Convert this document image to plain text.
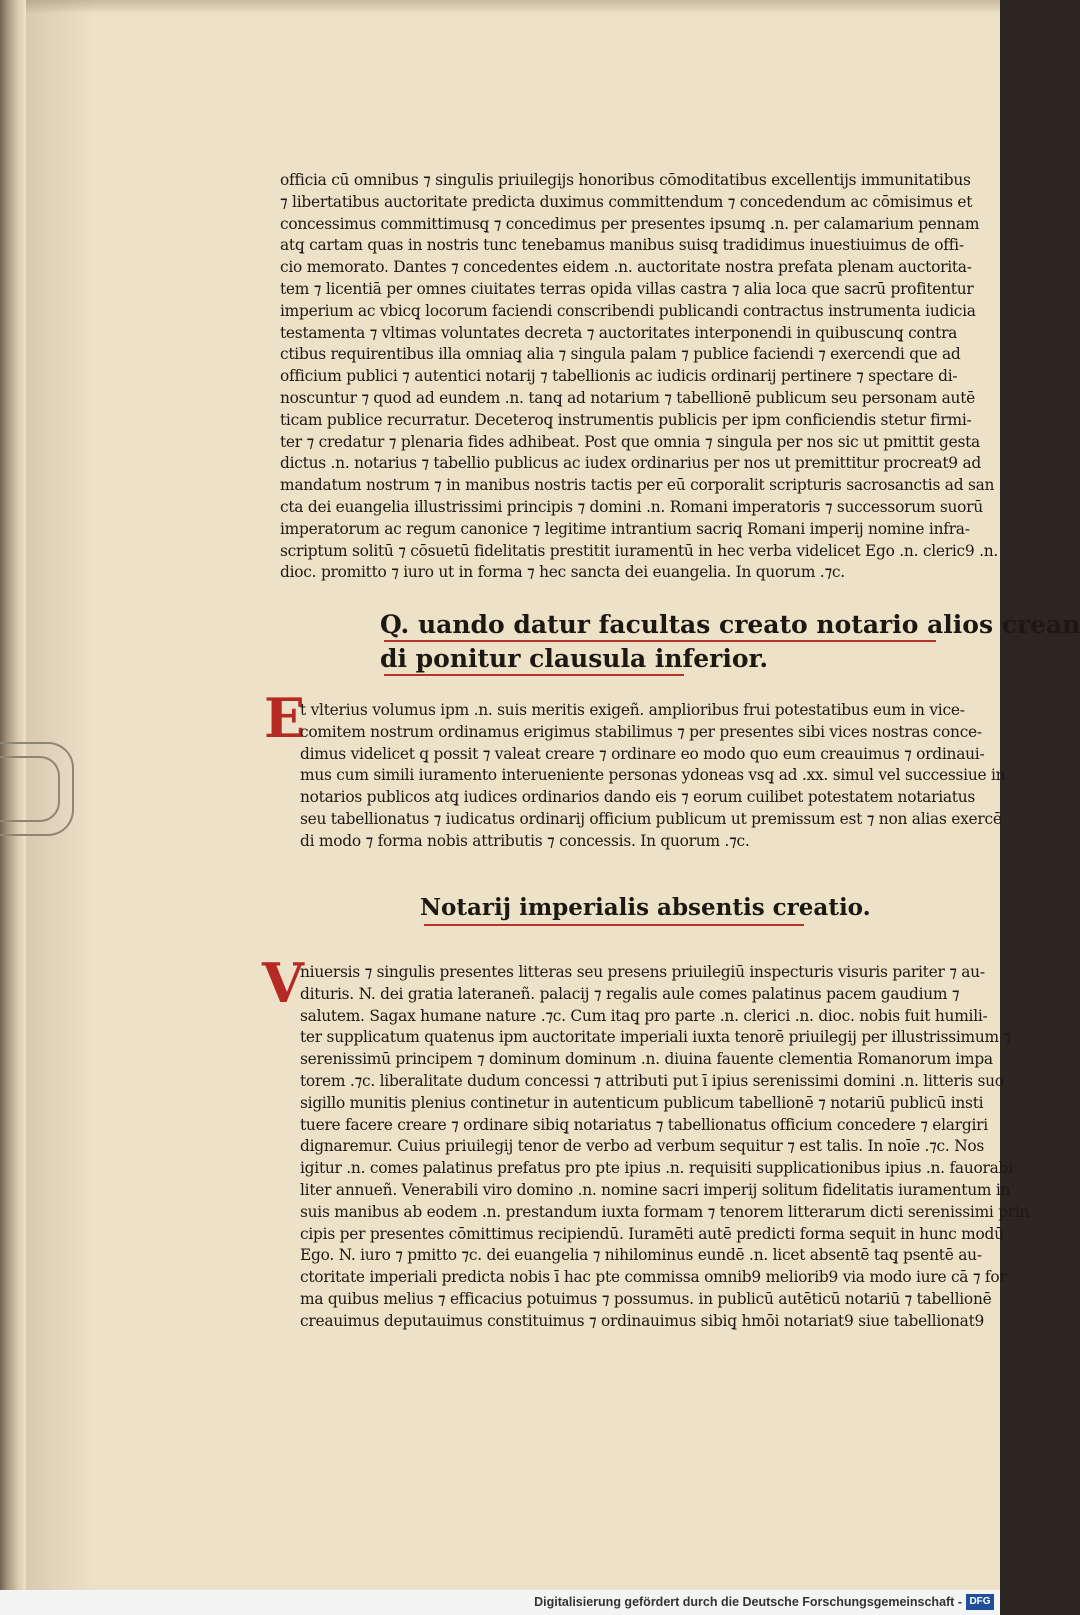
officia cū omnibus ⁊ singulis priuilegijs honoribus cōmoditatibus excellentijs immunitatibus
⁊ libertatibus auctoritate predicta duximus committendum ⁊ concedendum ac cōmisimus et
concessimus committimusq̧ ⁊ concedimus per presentes ipsumq̧ .n. per calamarium pennam
atq̧ cartam quas in nostris tunc tenebamus manibus suisq̧ tradidimus inuestiuimus de offi-
cio memorato. Dantes ⁊ concedentes eidem .n. auctoritate nostra prefata plenam auctorita-
tem ⁊ licentiā per omnes ciuitates terras opida villas castra ⁊ alia loca que sacrū profitentur
imperium ac vbicq̧ locorum faciendi conscribendi publicandi contractus instrumenta iudicia
testamenta ⁊ vltimas voluntates decreta ⁊ auctoritates interponendi in quibuscunq̧ contra
ctibus requirentibus illa omniaq̧ alia ⁊ singula palam ⁊ publice faciendi ⁊ exercendi que ad
officium publici ⁊ autentici notarij ⁊ tabellionis ac iudicis ordinarij pertinere ⁊ spectare di-
noscuntur ⁊ quod ad eundem .n. tanq̧ ad notarium ⁊ tabellionē publicum seu personam autē
ticam publice recurratur. Deceteroq̧ instrumentis publicis per ipm conficiendis stetur firmi-
ter ⁊ credatur ⁊ plenaria fides adhibeat. Post que omnia ⁊ singula per nos sic ut pmittit gesta
dictus .n. notarius ⁊ tabellio publicus ac iudex ordinarius per nos ut premittitur procreat9 ad
mandatum nostrum ⁊ in manibus nostris tactis per eū corporalit scripturis sacrosanctis ad san
cta dei euangelia illustrissimi principis ⁊ domini .n. Romani imperatoris ⁊ successorum suorū
imperatorum ac regum canonice ⁊ legitime intrantium sacriq̧ Romani imperij nomine infra-
scriptum solitū ⁊ cōsuetū fidelitatis prestitit iuramentū in hec verba videlicet Ego .n. cleric9 .n.
dioc. promitto ⁊ iuro ut in forma ⁊ hec sancta dei euangelia. In quorum .⁊c.
Q. uando datur facultas creato notario alios crean
di ponitur clausula inferior.
E
t vlterius volumus ipm .n. suis meritis exigeñ. amplioribus frui potestatibus eum in vice-
comitem nostrum ordinamus erigimus stabilimus ⁊ per presentes sibi vices nostras conce-
dimus videlicet q̧ possit ⁊ valeat creare ⁊ ordinare eo modo quo eum creauimus ⁊ ordinaui-
mus cum simili iuramento interueniente personas ydoneas vsq̧ ad .xx. simul vel successiue in
notarios publicos atq̧ iudices ordinarios dando eis ⁊ eorum cuilibet potestatem notariatus
seu tabellionatus ⁊ iudicatus ordinarij officium publicum ut premissum est ⁊ non alias exercē
di modo ⁊ forma nobis attributis ⁊ concessis. In quorum .⁊c.
Notarij imperialis absentis creatio.
V
niuersis ⁊ singulis presentes litteras seu presens priuilegiū inspecturis visuris pariter ⁊ au-
dituris. N. dei gratia lateraneñ. palacij ⁊ regalis aule comes palatinus pacem gaudium ⁊
salutem. Sagax humane nature .⁊c. Cum itaq̧ pro parte .n. clerici .n. dioc. nobis fuit humili-
ter supplicatum quatenus ipm auctoritate imperiali iuxta tenorē priuilegij per illustrissimum ⁊
serenissimū principem ⁊ dominum dominum .n. diuina fauente clementia Romanorum impa
torem .⁊c. liberalitate dudum concessi ⁊ attributi put ī ipius serenissimi domini .n. litteris suo
sigillo munitis plenius continetur in autenticum publicum tabellionē ⁊ notariū publicū insti
tuere facere creare ⁊ ordinare sibiq̧ notariatus ⁊ tabellionatus officium concedere ⁊ elargiri
dignaremur. Cuius priuilegij tenor de verbo ad verbum sequitur ⁊ est talis. In noīe .⁊c. Nos
igitur .n. comes palatinus prefatus pro pte ipius .n. requisiti supplicationibus ipius .n. fauorabi
liter annueñ. Venerabili viro domino .n. nomine sacri imperij solitum fidelitatis iuramentum in
suis manibus ab eodem .n. prestandum iuxta formam ⁊ tenorem litterarum dicti serenissimi prin
cipis per presentes cōmittimus recipiendū. Iuramēti autē predicti forma sequit in hunc modū
Ego. N. iuro ⁊ pmitto ⁊c. dei euangelia ⁊ nihilominus eundē .n. licet absentē taq̧ psentē au-
ctoritate imperiali predicta nobis ī hac pte commissa omnib9 meliorib9 via modo iure cā ⁊ for
ma quibus melius ⁊ efficacius potuimus ⁊ possumus. in publicū autēticū notariū ⁊ tabellionē
creauimus deputauimus constituimus ⁊ ordinauimus sibiq̧ hmōi notariat9 siue tabellionat9
Digitalisierung gefördert durch die Deutsche Forschungsgemeinschaft - DFG
